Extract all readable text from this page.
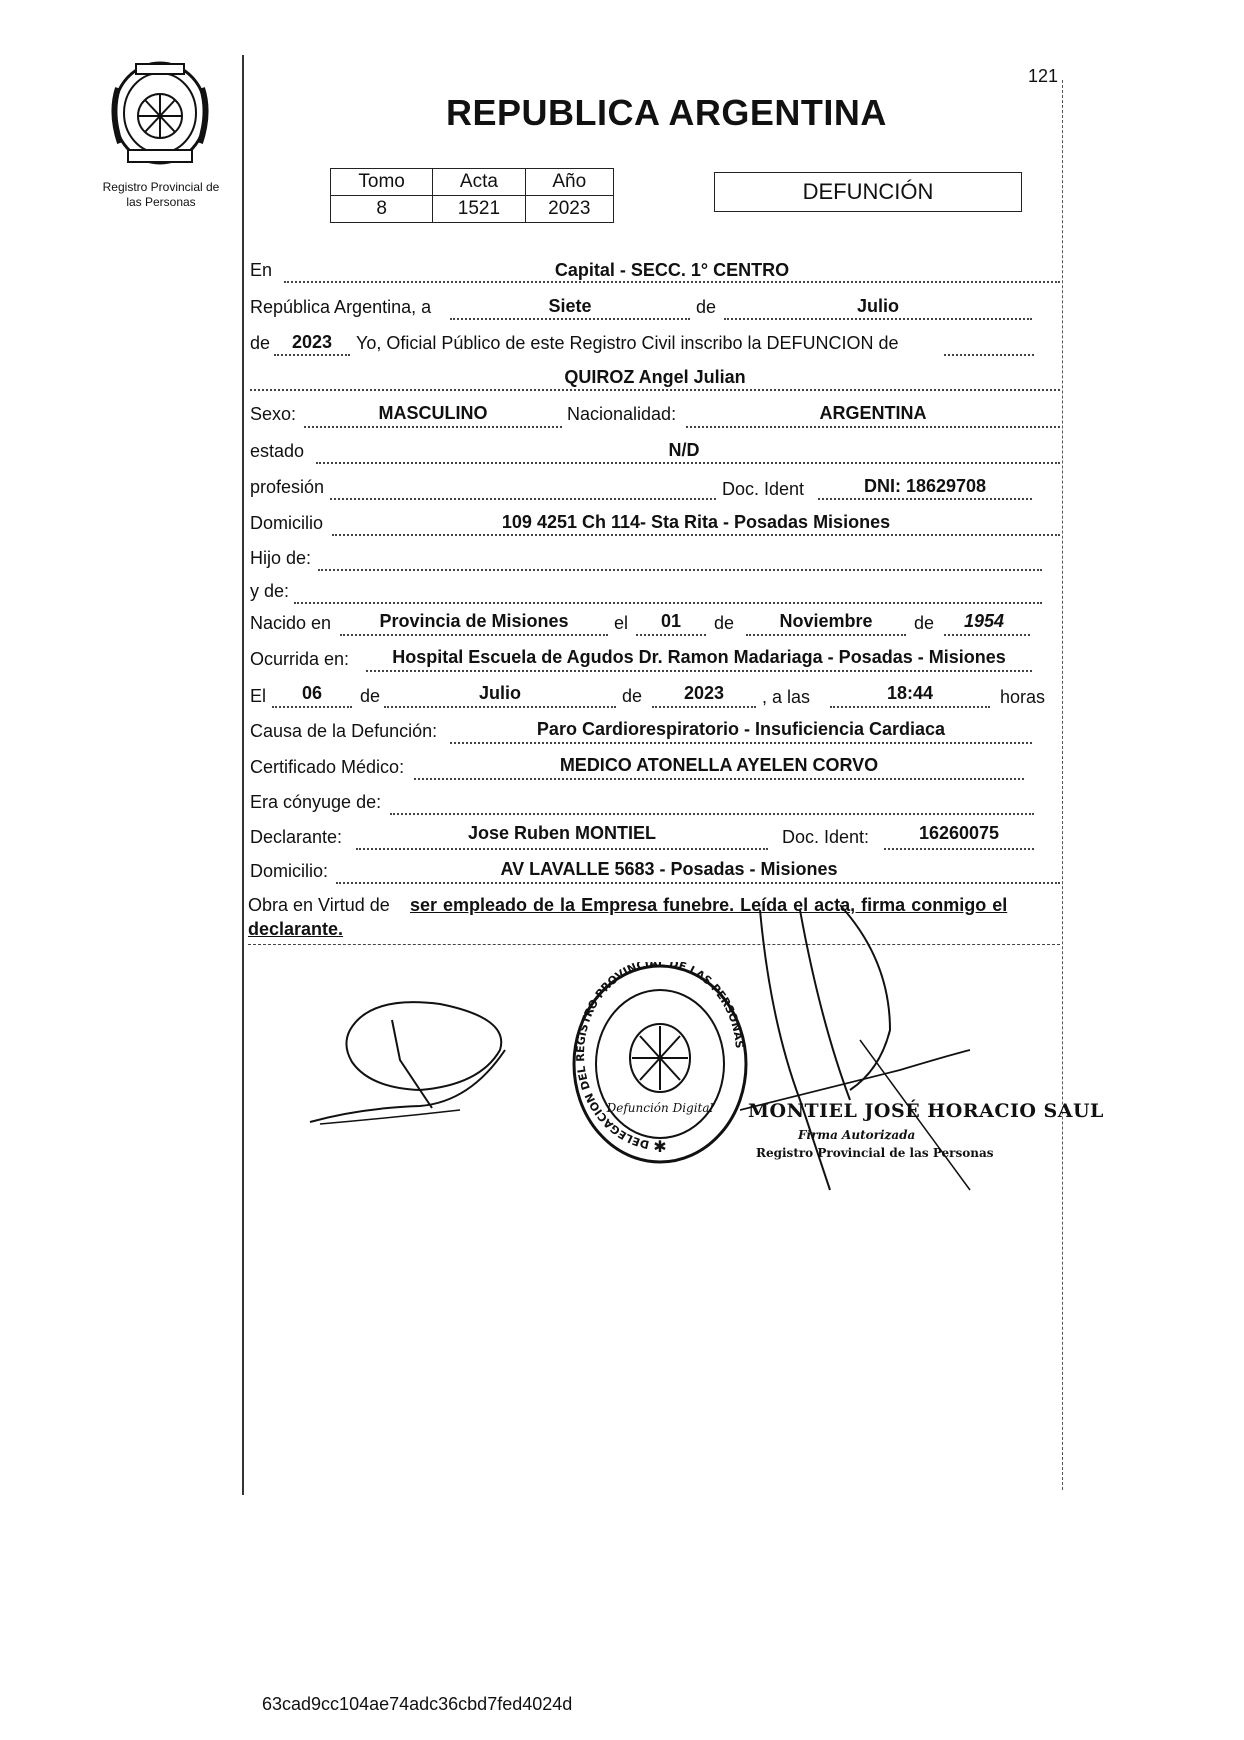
121
Registro Provincial de
las Personas
REPUBLICA ARGENTINA
Tomo	Acta	Año
8	1521	2023
DEFUNCIÓN
En	Capital - SECC. 1° CENTRO
República Argentina, a	Siete	de	Julio
de	2023	Yo, Oficial Público de este Registro Civil inscribo la DEFUNCION de
QUIROZ Angel Julian
Sexo:	MASCULINO	Nacionalidad:	ARGENTINA
estado	N/D
profesión	Doc. Ident	DNI: 18629708
Domicilio	109 4251 Ch 114- Sta Rita - Posadas Misiones
Hijo de:
y de:
Nacido en	Provincia de Misiones	el	01	de	Noviembre	de	1954
Ocurrida en:	Hospital Escuela de Agudos Dr. Ramon Madariaga - Posadas - Misiones
El	06	de	Julio	de	2023	, a las	18:44	horas
Causa de la Defunción:	Paro Cardiorespiratorio - Insuficiencia Cardiaca
Certificado Médico:	MEDICO ATONELLA AYELEN CORVO
Era cónyuge de:
Declarante:	Jose Ruben MONTIEL	Doc. Ident:	16260075
Domicilio:	AV LAVALLE 5683 - Posadas - Misiones
Obra en Virtud de ser empleado de la Empresa funebre. Leída el acta, firma conmigo el
declarante.
DELEGACION DEL REGISTRO PROVINCIAL DE LAS PERSONAS
Defunción Digital
✱
MONTIEL JOSÉ HORACIO SAUL
Firma Autorizada
Registro Provincial de las Personas
63cad9cc104ae74adc36cbd7fed4024d
